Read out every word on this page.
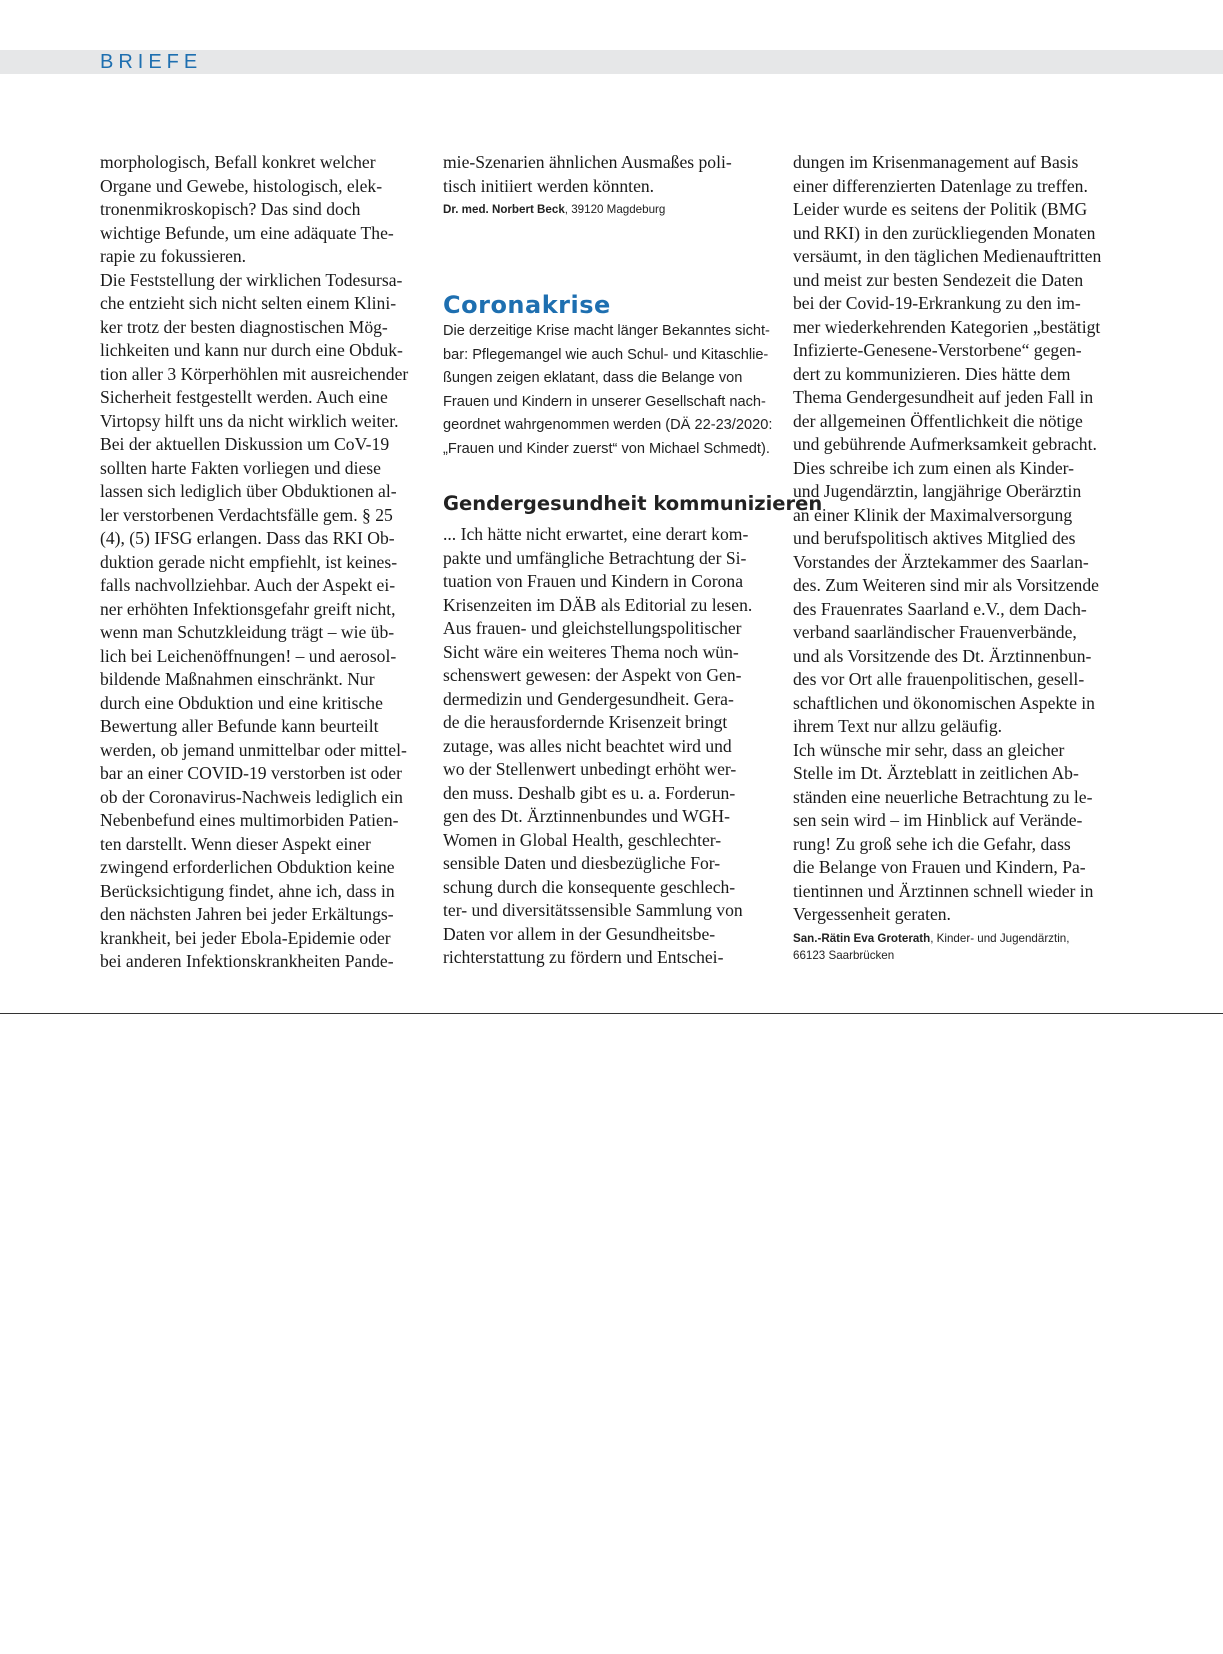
BRIEFE

morphologisch, Befall konkret welcher
Organe und Gewebe, histologisch, elek-
tronenmikroskopisch? Das sind doch
wichtige Befunde, um eine adäquate The-
rapie zu fokussieren.
Die Feststellung der wirklichen Todesursa-
che entzieht sich nicht selten einem Klini-
ker trotz der besten diagnostischen Mög-
lichkeiten und kann nur durch eine Obduk-
tion aller 3 Körperhöhlen mit ausreichender
Sicherheit festgestellt werden. Auch eine
Virtopsy hilft uns da nicht wirklich weiter.
Bei der aktuellen Diskussion um CoV-19
sollten harte Fakten vorliegen und diese
lassen sich lediglich über Obduktionen al-
ler verstorbenen Verdachtsfälle gem. § 25
(4), (5) IFSG erlangen. Dass das RKI Ob-
duktion gerade nicht empfiehlt, ist keines-
falls nachvollziehbar. Auch der Aspekt ei-
ner erhöhten Infektionsgefahr greift nicht,
wenn man Schutzkleidung trägt – wie üb-
lich bei Leichenöffnungen! – und aerosol-
bildende Maßnahmen einschränkt. Nur
durch eine Obduktion und eine kritische
Bewertung aller Befunde kann beurteilt
werden, ob jemand unmittelbar oder mittel-
bar an einer COVID-19 verstorben ist oder
ob der Coronavirus-Nachweis lediglich ein
Nebenbefund eines multimorbiden Patien-
ten darstellt. Wenn dieser Aspekt einer
zwingend erforderlichen Obduktion keine
Berücksichtigung findet, ahne ich, dass in
den nächsten Jahren bei jeder Erkältungs-
krankheit, bei jeder Ebola-Epidemie oder
bei anderen Infektionskrankheiten Pande-

mie-Szenarien ähnlichen Ausmaßes poli-
tisch initiiert werden könnten.

Dr. med. Norbert Beck, 39120 Magdeburg
Coronakrise
Die derzeitige Krise macht länger Bekanntes sicht-
bar: Pflegemangel wie auch Schul- und Kitaschlie-
ßungen zeigen eklatant, dass die Belange von
Frauen und Kindern in unserer Gesellschaft nach-
geordnet wahrgenommen werden (DÄ 22-23/2020:
„Frauen und Kinder zuerst“ von Michael Schmedt).
Gendergesundheit kommunizieren

... Ich hätte nicht erwartet, eine derart kom-
pakte und umfängliche Betrachtung der Si-
tuation von Frauen und Kindern in Corona
Krisenzeiten im DÄB als Editorial zu lesen.
Aus frauen- und gleichstellungspolitischer
Sicht wäre ein weiteres Thema noch wün-
schenswert gewesen: der Aspekt von Gen-
dermedizin und Gendergesundheit. Gera-
de die herausfordernde Krisenzeit bringt
zutage, was alles nicht beachtet wird und
wo der Stellenwert unbedingt erhöht wer-
den muss. Deshalb gibt es u. a. Forderun-
gen des Dt. Ärztinnenbundes und WGH-
Women in Global Health, geschlechter-
sensible Daten und diesbezügliche For-
schung durch die konsequente geschlech-
ter- und diversitätssensible Sammlung von
Daten vor allem in der Gesundheitsbe-
richterstattung zu fördern und Entschei-

dungen im Krisenmanagement auf Basis
einer differenzierten Datenlage zu treffen.
Leider wurde es seitens der Politik (BMG
und RKI) in den zurückliegenden Monaten
versäumt, in den täglichen Medienauftritten
und meist zur besten Sendezeit die Daten
bei der Covid-19-Erkrankung zu den im-
mer wiederkehrenden Kategorien „bestätigt
Infizierte-Genesene-Verstorbene“ gegen-
dert zu kommunizieren. Dies hätte dem
Thema Gendergesundheit auf jeden Fall in
der allgemeinen Öffentlichkeit die nötige
und gebührende Aufmerksamkeit gebracht.
Dies schreibe ich zum einen als Kinder-
und Jugendärztin, langjährige Oberärztin
an einer Klinik der Maximalversorgung
und berufspolitisch aktives Mitglied des
Vorstandes der Ärztekammer des Saarlan-
des. Zum Weiteren sind mir als Vorsitzende
des Frauenrates Saarland e.V., dem Dach-
verband saarländischer Frauenverbände,
und als Vorsitzende des Dt. Ärztinnenbun-
des vor Ort alle frauenpolitischen, gesell-
schaftlichen und ökonomischen Aspekte in
ihrem Text nur allzu geläufig.
Ich wünsche mir sehr, dass an gleicher
Stelle im Dt. Ärzteblatt in zeitlichen Ab-
ständen eine neuerliche Betrachtung zu le-
sen sein wird – im Hinblick auf Verände-
rung! Zu groß sehe ich die Gefahr, dass
die Belange von Frauen und Kindern, Pa-
tientinnen und Ärztinnen schnell wieder in
Vergessenheit geraten.

San.-Rätin Eva Groterath, Kinder- und Jugendärztin,
66123 Saarbrücken
